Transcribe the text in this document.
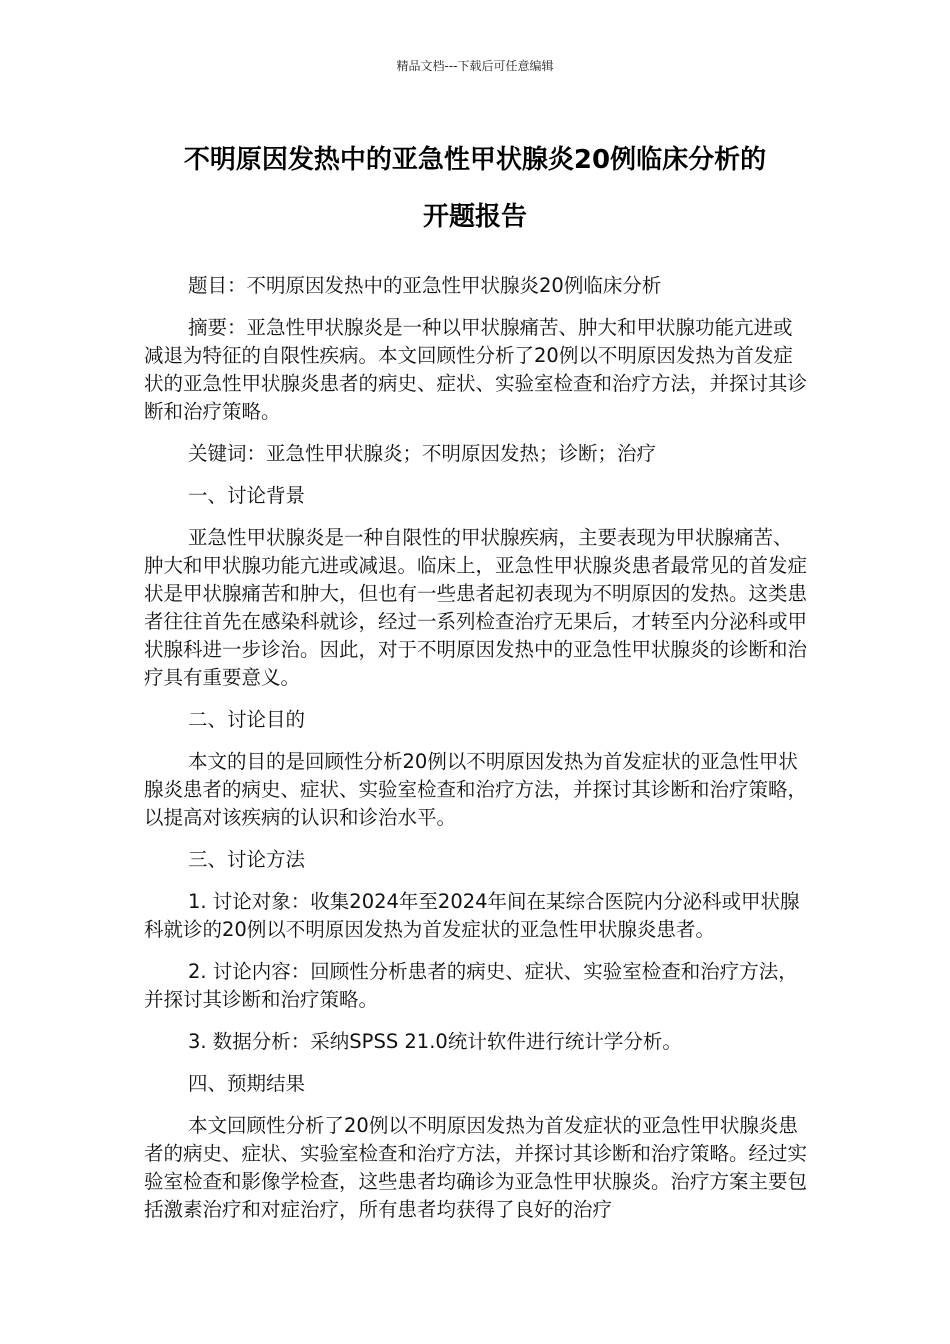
精品文档---下载后可任意编辑
不明原因发热中的亚急性甲状腺炎20例临床分析的
开题报告

题目：不明原因发热中的亚急性甲状腺炎20例临床分析

摘要：亚急性甲状腺炎是一种以甲状腺痛苦、肿大和甲状腺功能亢进或减退为特征的自限性疾病。本文回顾性分析了20例以不明原因发热为首发症状的亚急性甲状腺炎患者的病史、症状、实验室检查和治疗方法，并探讨其诊断和治疗策略。

关键词：亚急性甲状腺炎；不明原因发热；诊断；治疗

一、讨论背景

亚急性甲状腺炎是一种自限性的甲状腺疾病，主要表现为甲状腺痛苦、肿大和甲状腺功能亢进或减退。临床上，亚急性甲状腺炎患者最常见的首发症状是甲状腺痛苦和肿大，但也有一些患者起初表现为不明原因的发热。这类患者往往首先在感染科就诊，经过一系列检查治疗无果后，才转至内分泌科或甲状腺科进一步诊治。因此，对于不明原因发热中的亚急性甲状腺炎的诊断和治疗具有重要意义。

二、讨论目的

本文的目的是回顾性分析20例以不明原因发热为首发症状的亚急性甲状腺炎患者的病史、症状、实验室检查和治疗方法，并探讨其诊断和治疗策略，以提高对该疾病的认识和诊治水平。

三、讨论方法

1. 讨论对象：收集2024年至2024年间在某综合医院内分泌科或甲状腺科就诊的20例以不明原因发热为首发症状的亚急性甲状腺炎患者。

2. 讨论内容：回顾性分析患者的病史、症状、实验室检查和治疗方法，并探讨其诊断和治疗策略。

3. 数据分析：采纳SPSS 21.0统计软件进行统计学分析。

四、预期结果

本文回顾性分析了20例以不明原因发热为首发症状的亚急性甲状腺炎患者的病史、症状、实验室检查和治疗方法，并探讨其诊断和治疗策略。经过实验室检查和影像学检查，这些患者均确诊为亚急性甲状腺炎。治疗方案主要包括激素治疗和对症治疗，所有患者均获得了良好的治疗
